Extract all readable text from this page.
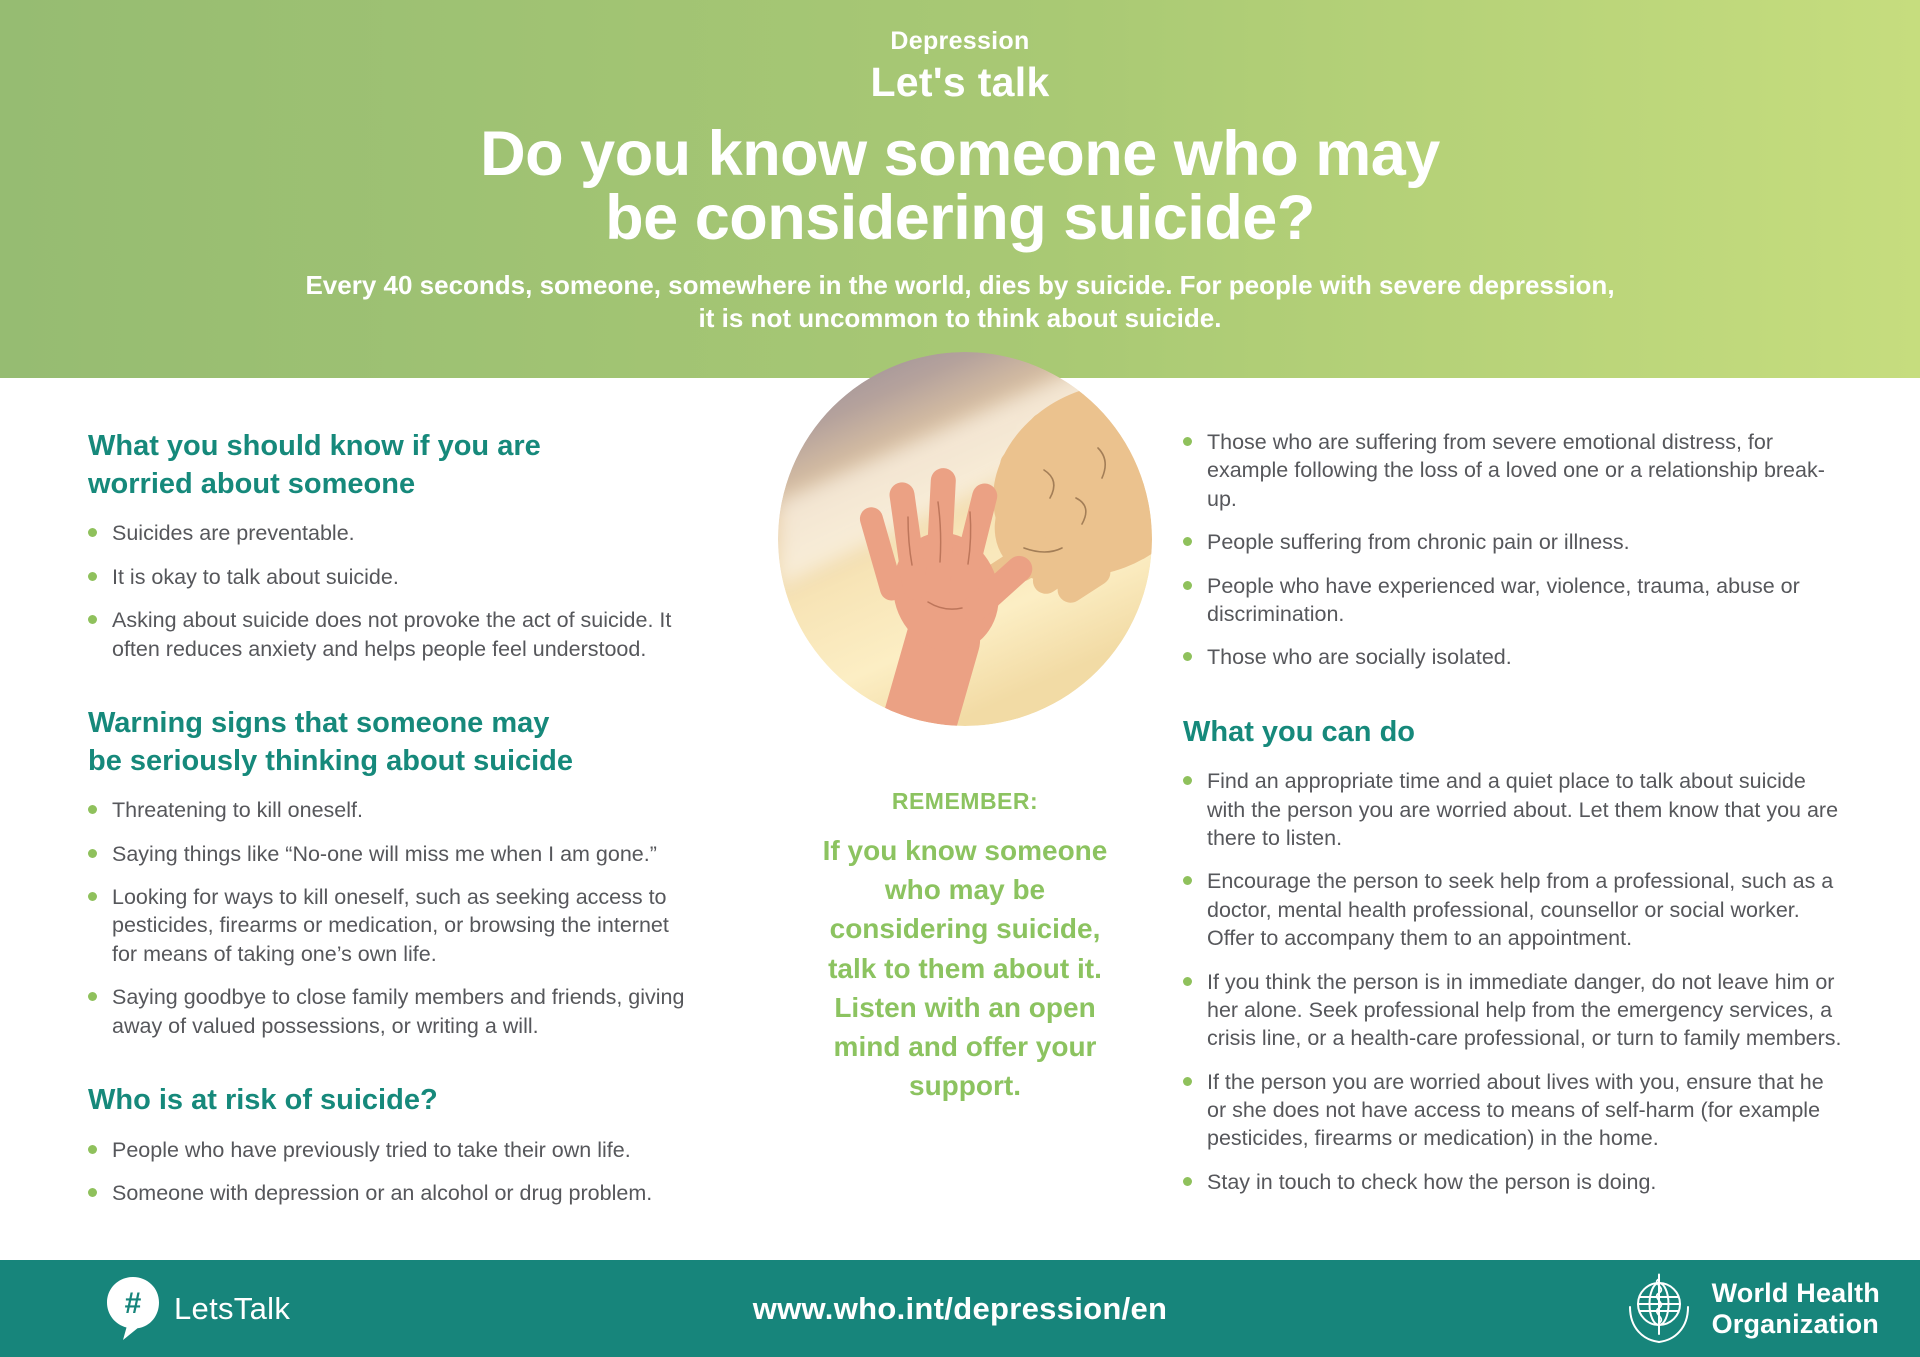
Depression
Let's talk
Do you know someone who may
be considering suicide?

Every 40 seconds, someone, somewhere in the world, dies by suicide. For people with severe depression,
it is not uncommon to think about suicide.

What you should know if you are worried about someone
Suicides are preventable.
It is okay to talk about suicide.
Asking about suicide does not provoke the act of suicide. It often reduces anxiety and helps people feel understood.
Warning signs that someone may be seriously thinking about suicide
Threatening to kill oneself.
Saying things like “No-one will miss me when I am gone.”
Looking for ways to kill oneself, such as seeking access to pesticides, firearms or medication, or browsing the internet for means of taking one’s own life.
Saying goodbye to close family members and friends, giving away of valued possessions, or writing a will.
Who is at risk of suicide?
People who have previously tried to take their own life.
Someone with depression or an alcohol or drug problem.
Those who are suffering from severe emotional distress, for example following the loss of a loved one or a relationship break-up.
People suffering from chronic pain or illness.
People who have experienced war, violence, trauma, abuse or discrimination.
Those who are socially isolated.
What you can do
Find an appropriate time and a quiet place to talk about suicide with the person you are worried about. Let them know that you are there to listen.
Encourage the person to seek help from a professional, such as a doctor, mental health professional, counsellor or social worker. Offer to accompany them to an appointment.
If you think the person is in immediate danger, do not leave him or her alone. Seek professional help from the emergency services, a crisis line, or a health-care professional, or turn to family members.
If the person you are worried about lives with you, ensure that he or she does not have access to means of self-harm (for example pesticides, firearms or medication) in the home.
Stay in touch to check how the person is doing.
REMEMBER:

If you know someone who may be considering suicide, talk to them about it. Listen with an open mind and offer your support.

# LetsTalk	www.who.int/depression/en	World Health
Organization
